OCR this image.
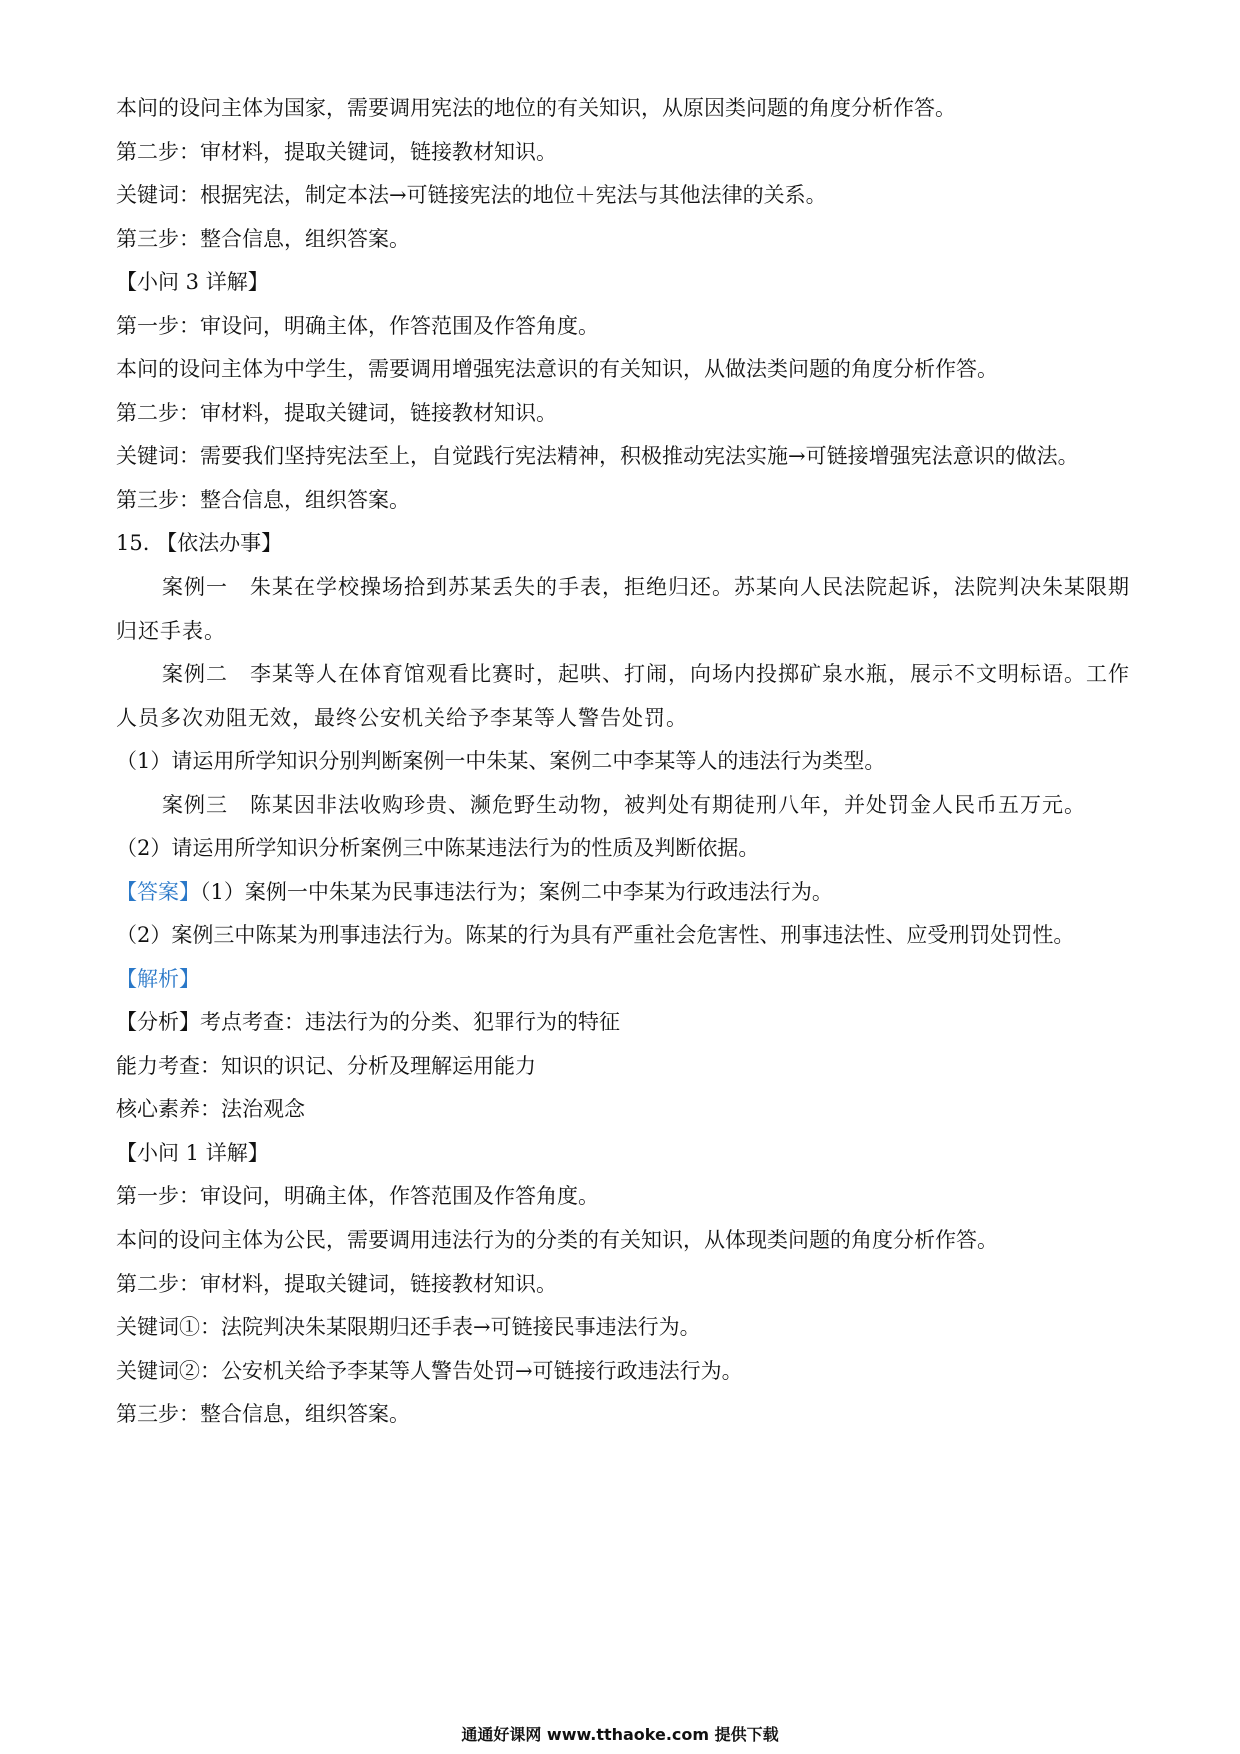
本问的设问主体为国家，需要调用宪法的地位的有关知识，从原因类问题的角度分析作答。
第二步：审材料，提取关键词，链接教材知识。
关键词：根据宪法，制定本法→可链接宪法的地位＋宪法与其他法律的关系。
第三步：整合信息，组织答案。
【小问 3 详解】
第一步：审设问，明确主体，作答范围及作答角度。
本问的设问主体为中学生，需要调用增强宪法意识的有关知识，从做法类问题的角度分析作答。
第二步：审材料，提取关键词，链接教材知识。
关键词：需要我们坚持宪法至上，自觉践行宪法精神，积极推动宪法实施→可链接增强宪法意识的做法。
第三步：整合信息，组织答案。
15. 【依法办事】
案例一　朱某在学校操场拾到苏某丢失的手表，拒绝归还。苏某向人民法院起诉，法院判决朱某限期
归还手表。
案例二　李某等人在体育馆观看比赛时，起哄、打闹，向场内投掷矿泉水瓶，展示不文明标语。工作
人员多次劝阻无效，最终公安机关给予李某等人警告处罚。
（1）请运用所学知识分别判断案例一中朱某、案例二中李某等人的违法行为类型。
案例三　陈某因非法收购珍贵、濒危野生动物，被判处有期徒刑八年，并处罚金人民币五万元。
（2）请运用所学知识分析案例三中陈某违法行为的性质及判断依据。
【答案】（1）案例一中朱某为民事违法行为；案例二中李某为行政违法行为。
（2）案例三中陈某为刑事违法行为。陈某的行为具有严重社会危害性、刑事违法性、应受刑罚处罚性。
【解析】
【分析】考点考查：违法行为的分类、犯罪行为的特征
能力考查：知识的识记、分析及理解运用能力
核心素养：法治观念
【小问 1 详解】
第一步：审设问，明确主体，作答范围及作答角度。
本问的设问主体为公民，需要调用违法行为的分类的有关知识，从体现类问题的角度分析作答。
第二步：审材料，提取关键词，链接教材知识。
关键词①：法院判决朱某限期归还手表→可链接民事违法行为。
关键词②：公安机关给予李某等人警告处罚→可链接行政违法行为。
第三步：整合信息，组织答案。
通通好课网 www.tthaoke.com 提供下载
